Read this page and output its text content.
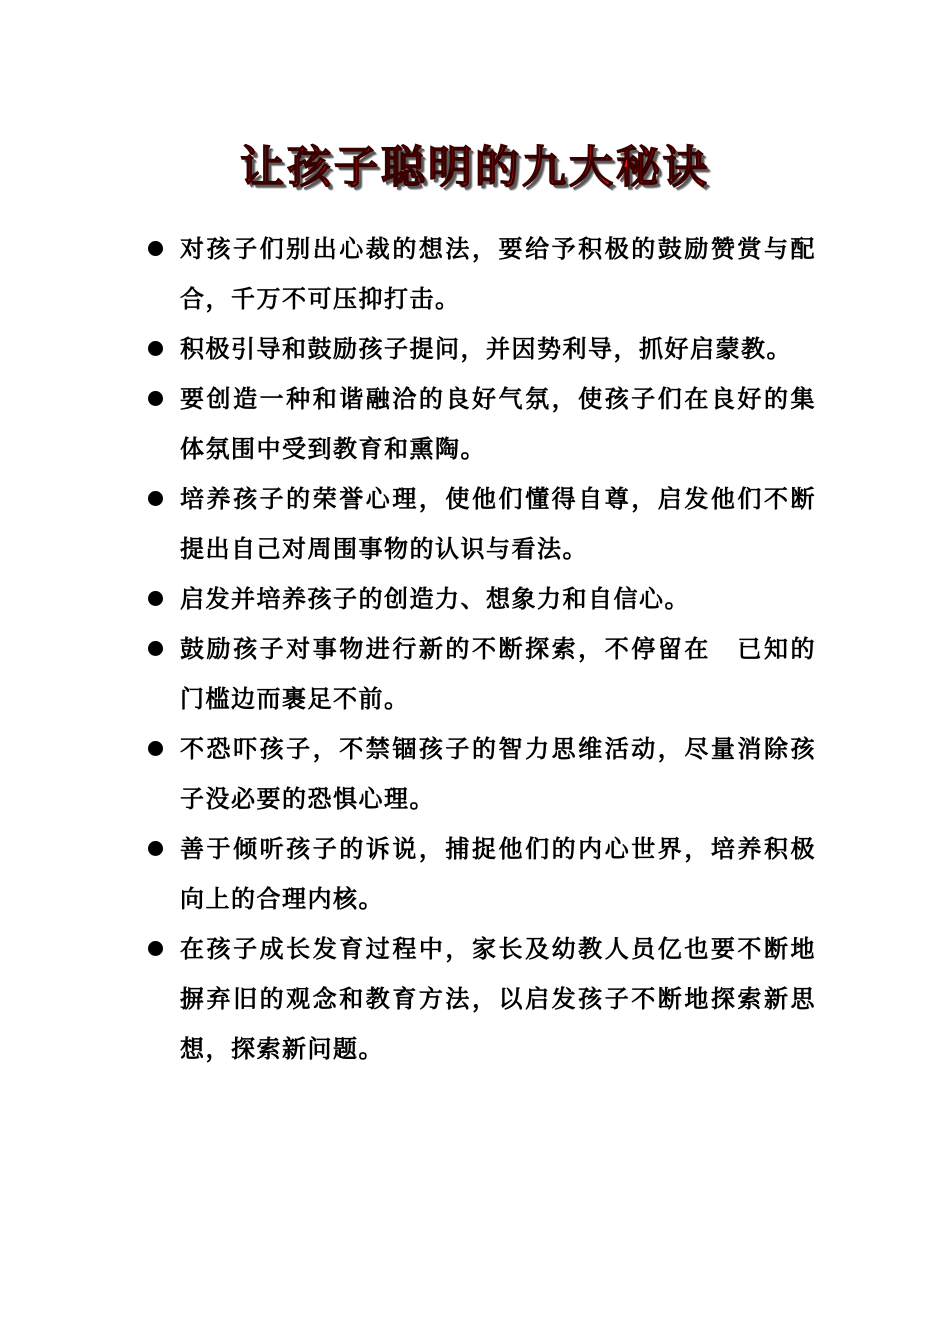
让孩子聪明的九大秘诀
对孩子们别出心裁的想法，要给予积极的鼓励赞赏与配合，千万不可压抑打击。
积极引导和鼓励孩子提问，并因势利导，抓好启蒙教。
要创造一种和谐融洽的良好气氛，使孩子们在良好的集体氛围中受到教育和熏陶。
培养孩子的荣誉心理，使他们懂得自尊，启发他们不断提出自己对周围事物的认识与看法。
启发并培养孩子的创造力、想象力和自信心。
鼓励孩子对事物进行新的不断探索，不停留在　已知的门槛边而裹足不前。
不恐吓孩子，不禁锢孩子的智力思维活动，尽量消除孩子没必要的恐惧心理。
善于倾听孩子的诉说，捕捉他们的内心世界，培养积极向上的合理内核。
在孩子成长发育过程中，家长及幼教人员亿也要不断地摒弃旧的观念和教育方法，以启发孩子不断地探索新思想，探索新问题。
